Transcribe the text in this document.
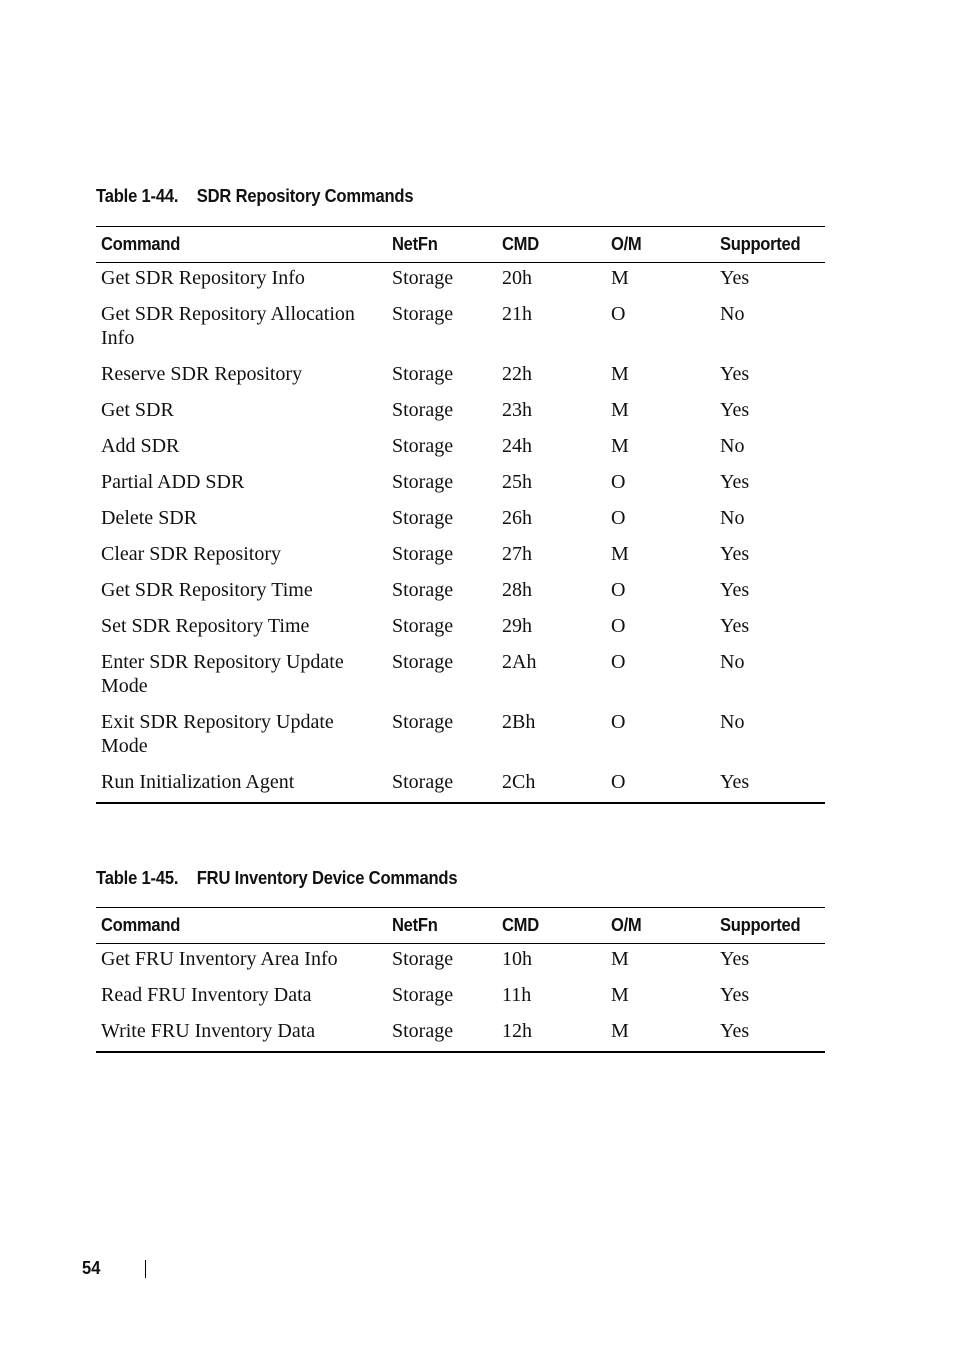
Table 1-44. SDR Repository Commands
Command	NetFn	CMD	O/M	Supported
Get SDR Repository Info	Storage	20h	M	Yes
Get SDR Repository Allocation Info	Storage	21h	O	No
Reserve SDR Repository	Storage	22h	M	Yes
Get SDR	Storage	23h	M	Yes
Add SDR	Storage	24h	M	No
Partial ADD SDR	Storage	25h	O	Yes
Delete SDR	Storage	26h	O	No
Clear SDR Repository	Storage	27h	M	Yes
Get SDR Repository Time	Storage	28h	O	Yes
Set SDR Repository Time	Storage	29h	O	Yes
Enter SDR Repository Update Mode	Storage	2Ah	O	No
Exit SDR Repository Update Mode	Storage	2Bh	O	No
Run Initialization Agent	Storage	2Ch	O	Yes
Table 1-45. FRU Inventory Device Commands
Command	NetFn	CMD	O/M	Supported
Get FRU Inventory Area Info	Storage	10h	M	Yes
Read FRU Inventory Data	Storage	11h	M	Yes
Write FRU Inventory Data	Storage	12h	M	Yes
54
